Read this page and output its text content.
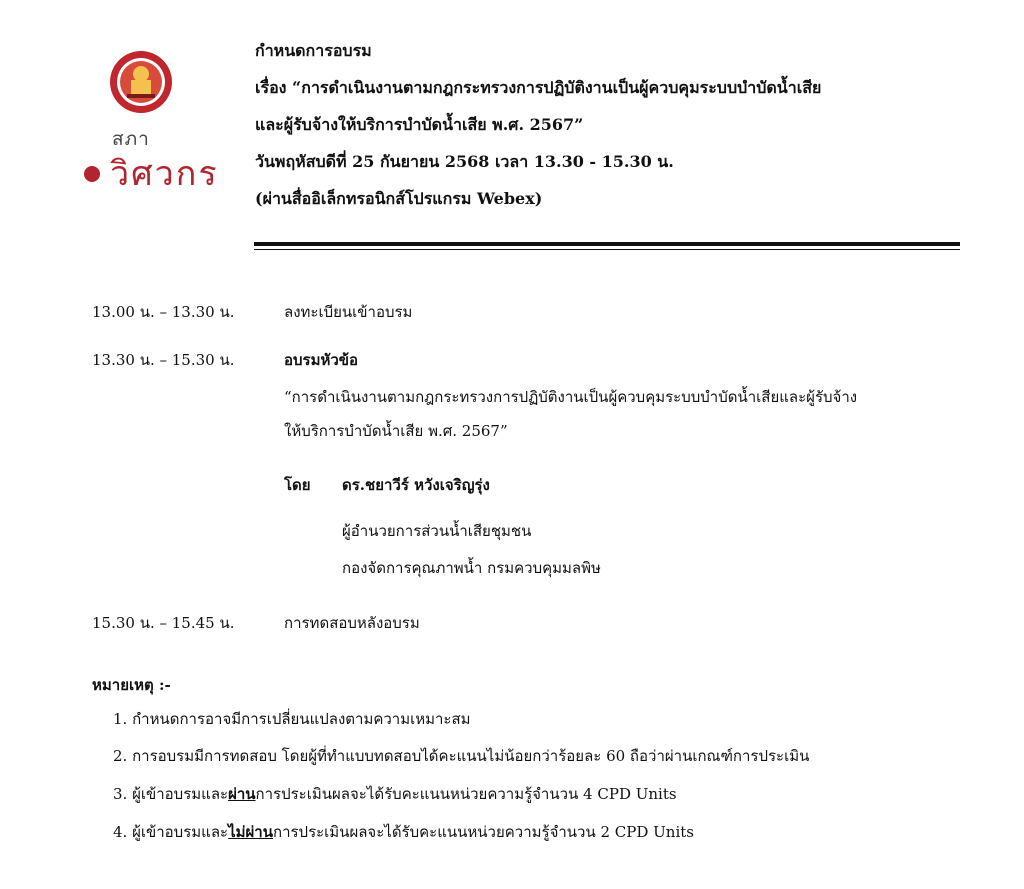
สภา
วิศวกร
กำหนดการอบรม
เรื่อง “การดำเนินงานตามกฎกระทรวงการปฏิบัติงานเป็นผู้ควบคุมระบบบำบัดน้ำเสีย
และผู้รับจ้างให้บริการบำบัดน้ำเสีย พ.ศ. 2567”
วันพฤหัสบดีที่ 25 กันยายน 2568 เวลา 13.30 - 15.30 น.
(ผ่านสื่ออิเล็กทรอนิกส์โปรแกรม Webex)
13.00 น. – 13.30 น.	ลงทะเบียนเข้าอบรม
13.30 น. – 15.30 น.	อบรมหัวข้อ
“การดำเนินงานตามกฎกระทรวงการปฏิบัติงานเป็นผู้ควบคุมระบบบำบัดน้ำเสียและผู้รับจ้าง
ให้บริการบำบัดน้ำเสีย พ.ศ. 2567”
โดย ดร.ชยาวีร์ หวังเจริญรุ่ง
ผู้อำนวยการส่วนน้ำเสียชุมชน
กองจัดการคุณภาพน้ำ กรมควบคุมมลพิษ
15.30 น. – 15.45 น.	การทดสอบหลังอบรม
หมายเหตุ :-
1. กำหนดการอาจมีการเปลี่ยนแปลงตามความเหมาะสม
2. การอบรมมีการทดสอบ โดยผู้ที่ทำแบบทดสอบได้คะแนนไม่น้อยกว่าร้อยละ 60 ถือว่าผ่านเกณฑ์การประเมิน
3. ผู้เข้าอบรมและผ่านการประเมินผลจะได้รับคะแนนหน่วยความรู้จำนวน 4 CPD Units
4. ผู้เข้าอบรมและไม่ผ่านการประเมินผลจะได้รับคะแนนหน่วยความรู้จำนวน 2 CPD Units
